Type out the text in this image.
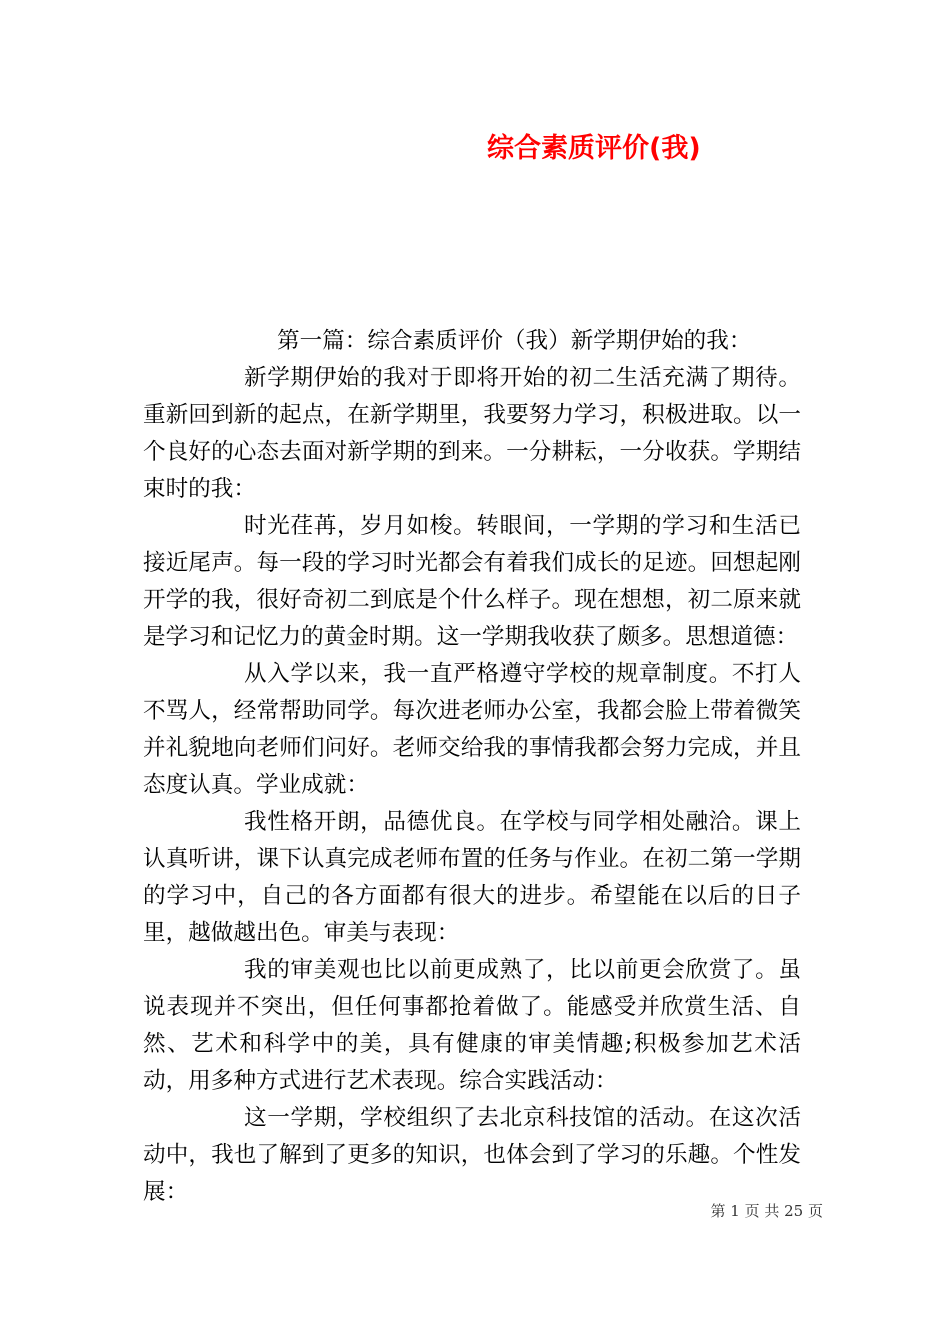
综合素质评价(我)

第一篇：综合素质评价（我）新学期伊始的我：

新学期伊始的我对于即将开始的初二生活充满了期待。重新回到新的起点，在新学期里，我要努力学习，积极进取。以一个良好的心态去面对新学期的到来。一分耕耘，一分收获。学期结束时的我：

时光荏苒，岁月如梭。转眼间，一学期的学习和生活已接近尾声。每一段的学习时光都会有着我们成长的足迹。回想起刚开学的我，很好奇初二到底是个什么样子。现在想想，初二原来就是学习和记忆力的黄金时期。这一学期我收获了颇多。思想道德：

从入学以来，我一直严格遵守学校的规章制度。不打人不骂人，经常帮助同学。每次进老师办公室，我都会脸上带着微笑并礼貌地向老师们问好。老师交给我的事情我都会努力完成，并且态度认真。学业成就：

我性格开朗，品德优良。在学校与同学相处融洽。课上认真听讲，课下认真完成老师布置的任务与作业。在初二第一学期的学习中，自己的各方面都有很大的进步。希望能在以后的日子里，越做越出色。审美与表现：

我的审美观也比以前更成熟了，比以前更会欣赏了。虽说表现并不突出，但任何事都抢着做了。能感受并欣赏生活、自然、艺术和科学中的美，具有健康的审美情趣;积极参加艺术活动，用多种方式进行艺术表现。综合实践活动：

这一学期，学校组织了去北京科技馆的活动。在这次活动中，我也了解到了更多的知识，也体会到了学习的乐趣。个性发展：

第 1 页 共 25 页
